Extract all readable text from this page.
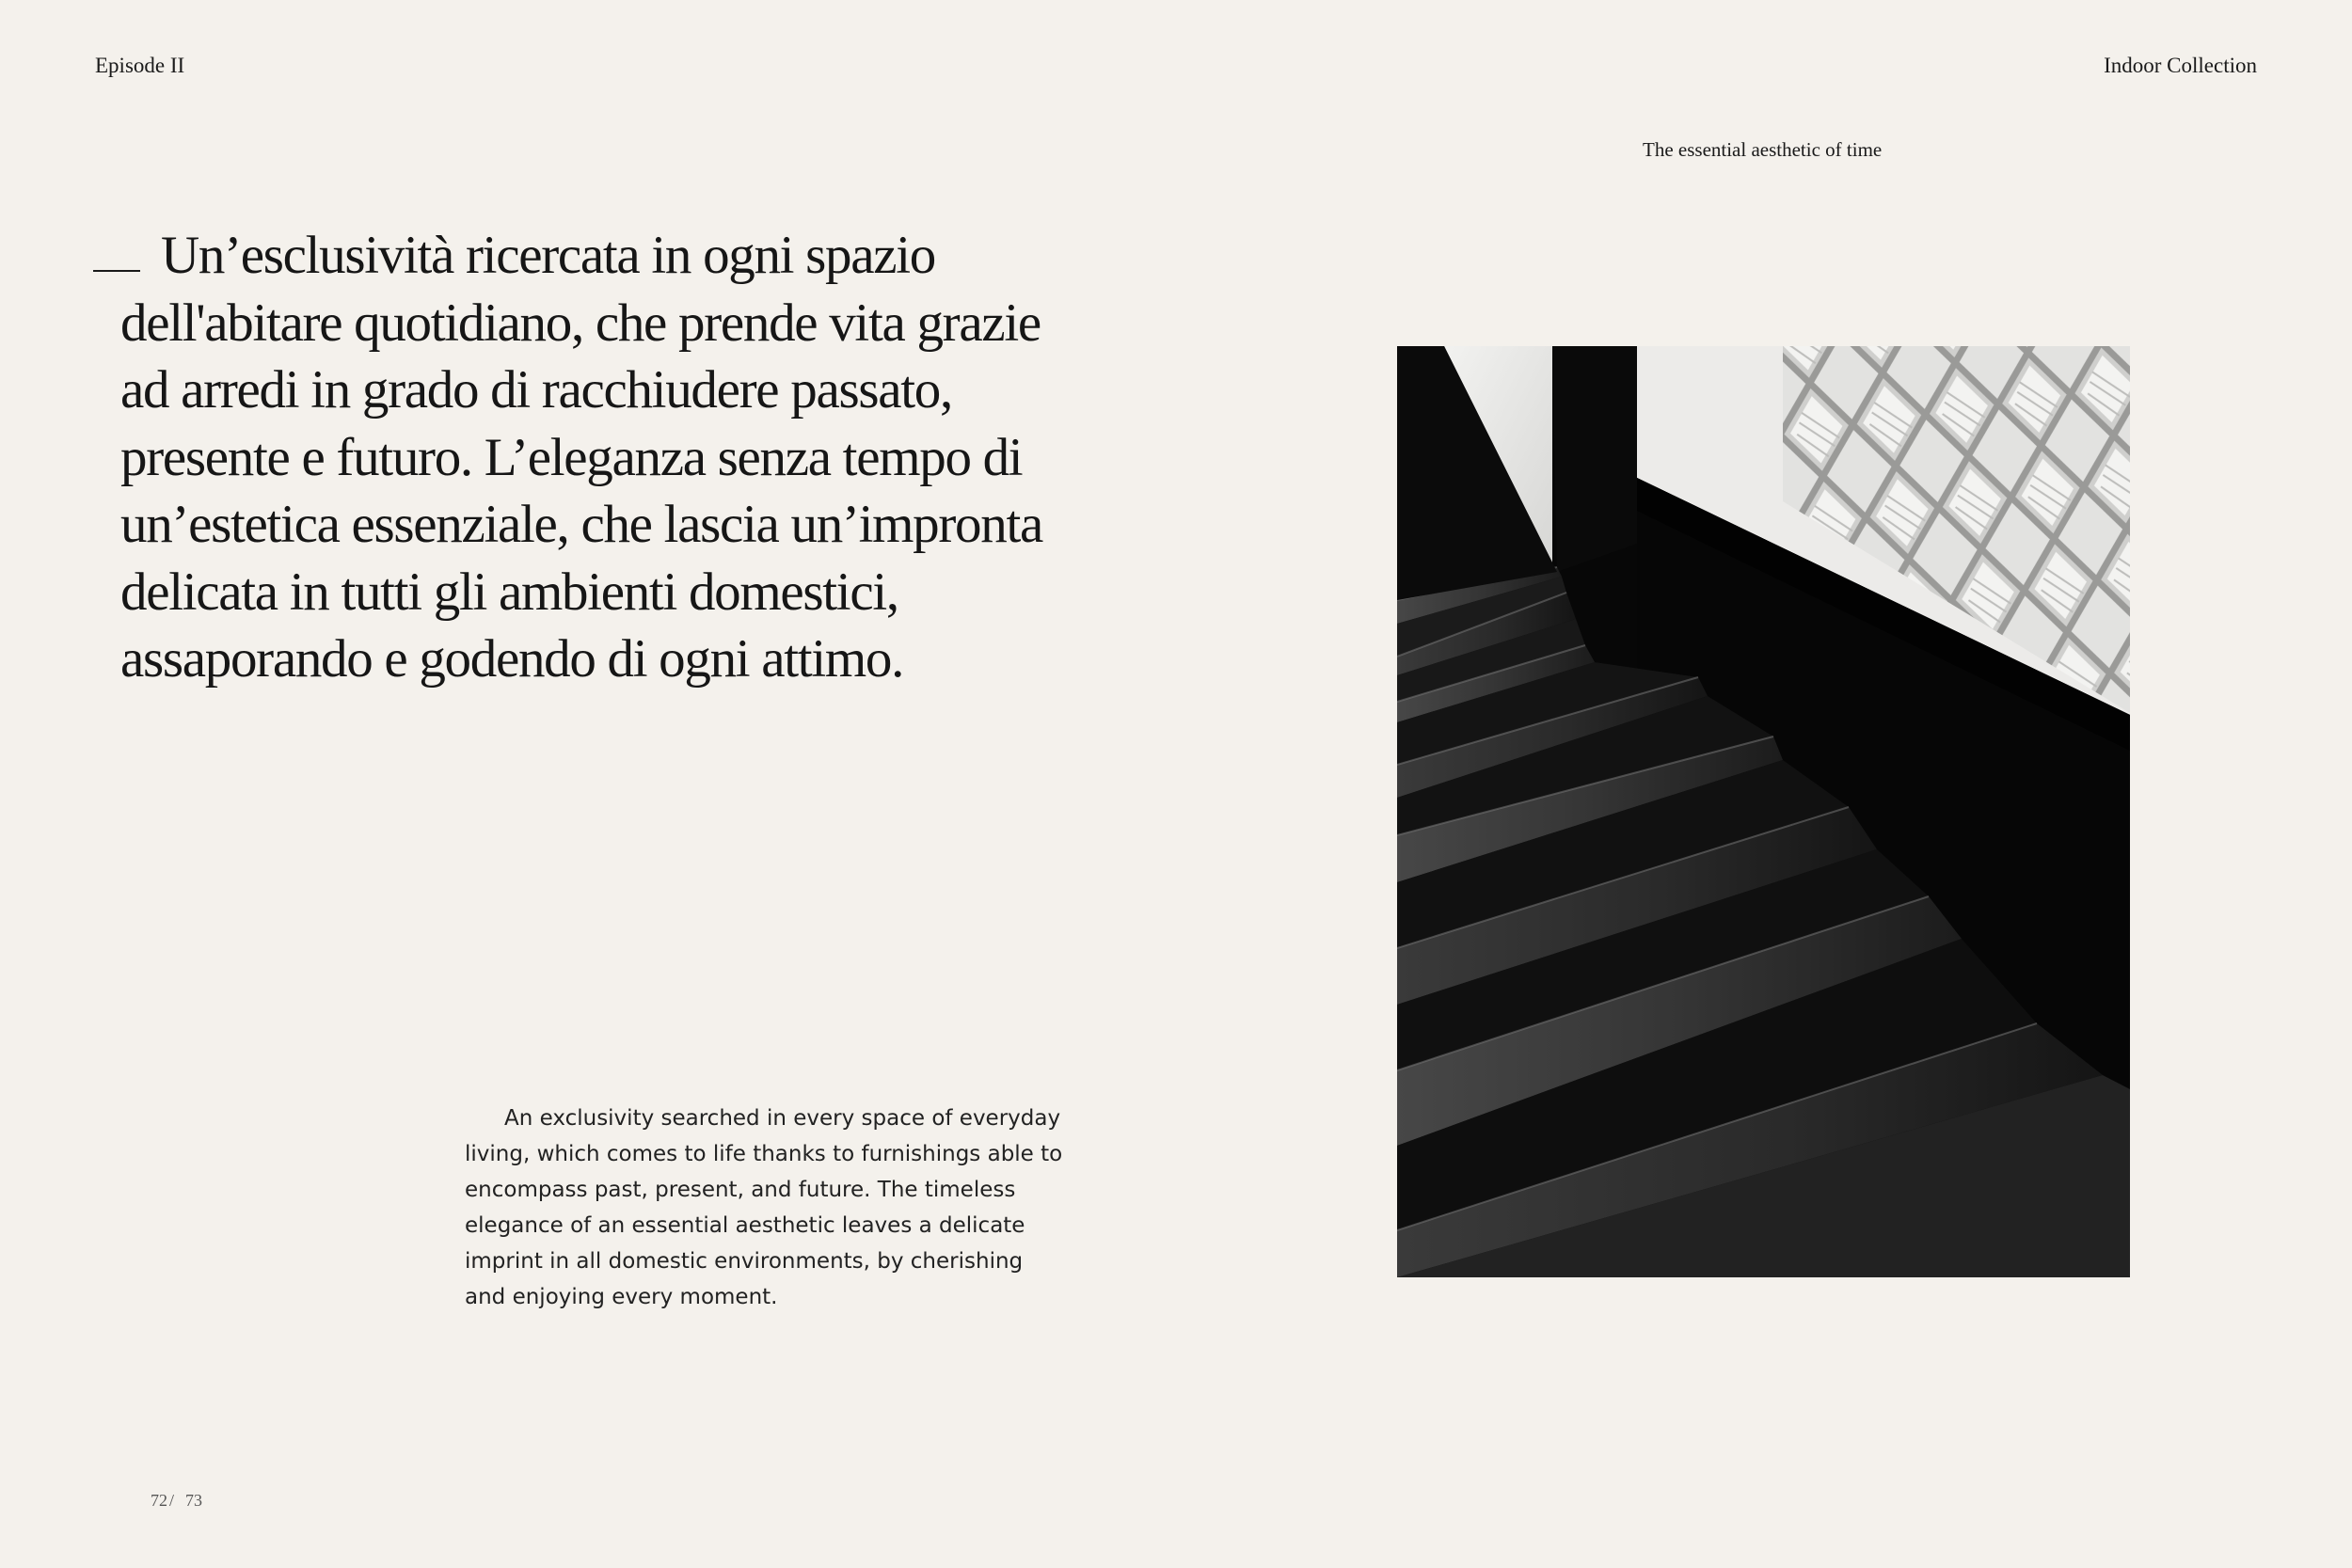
Episode II	Indoor Collection
The essential aesthetic of time
Un’esclusività ricercata in ogni spazio dell'abitare quotidiano, che prende vita grazie ad arredi in grado di racchiudere passato, presente e futuro. L’eleganza senza tempo di un’estetica essenziale, che lascia un’impronta delicata in tutti gli ambienti domestici, assaporando e godendo di ogni attimo.
An exclusivity searched in every space of everyday living, which comes to life thanks to furnishings able to encompass past, present, and future. The timeless elegance of an essential aesthetic leaves a delicate imprint in all domestic environments, by cherishing and enjoying every moment.
72 / 73
